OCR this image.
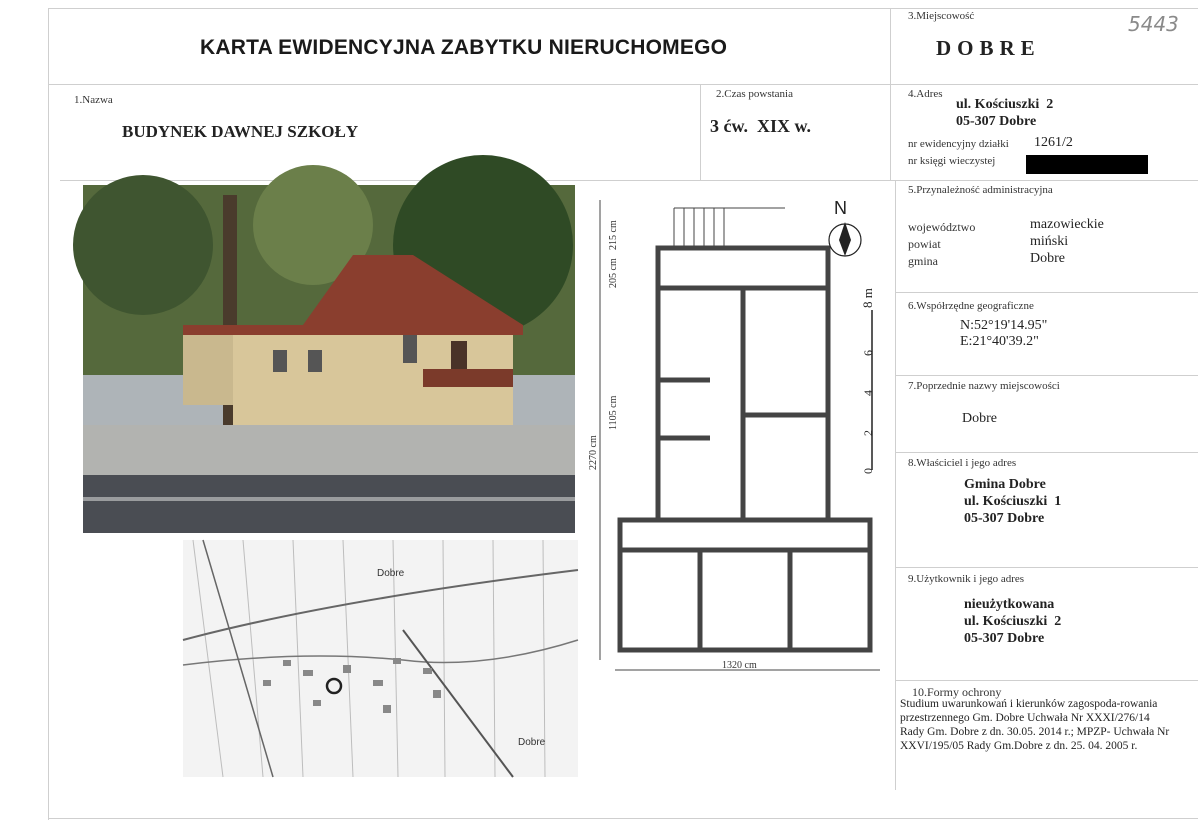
KARTA EWIDENCYJNA ZABYTKU NIERUCHOMEGO
3.Miejscowość
DOBRE
5443
1.Nazwa
BUDYNEK DAWNEJ SZKOŁY
2.Czas powstania
3 ćw.  XIX w.
4.Adres
ul. Kościuszki  2
05-307 Dobre
nr ewidencyjny działki 1261/2
nr księgi wieczystej
5.Przynależność administracyjna
województwo	mazowieckie
powiat	miński
gmina	Dobre
6.Współrzędne geograficzne
N:52°19'14.95"
E:21°40'39.2"
7.Poprzednie nazwy miejscowości
Dobre
8.Właściciel i jego adres
Gmina Dobre
ul. Kościuszki  1
05-307 Dobre
9.Użytkownik i jego adres
nieużytkowana
ul. Kościuszki  2
05-307 Dobre
10.Formy ochrony
Studium uwarunkowań i kierunków zagospoda-rowania
przestrzennego Gm. Dobre Uchwała Nr XXXI/276/14
Rady Gm. Dobre z dn. 30.05. 2014 r.; MPZP- Uchwała Nr
XXVI/195/05 Rady Gm.Dobre z dn. 25. 04. 2005 r.
Dobre
Dobre
N
215 cm
205 cm
1105 cm
2270 cm
1320 cm
8 m
6
4
2
0
